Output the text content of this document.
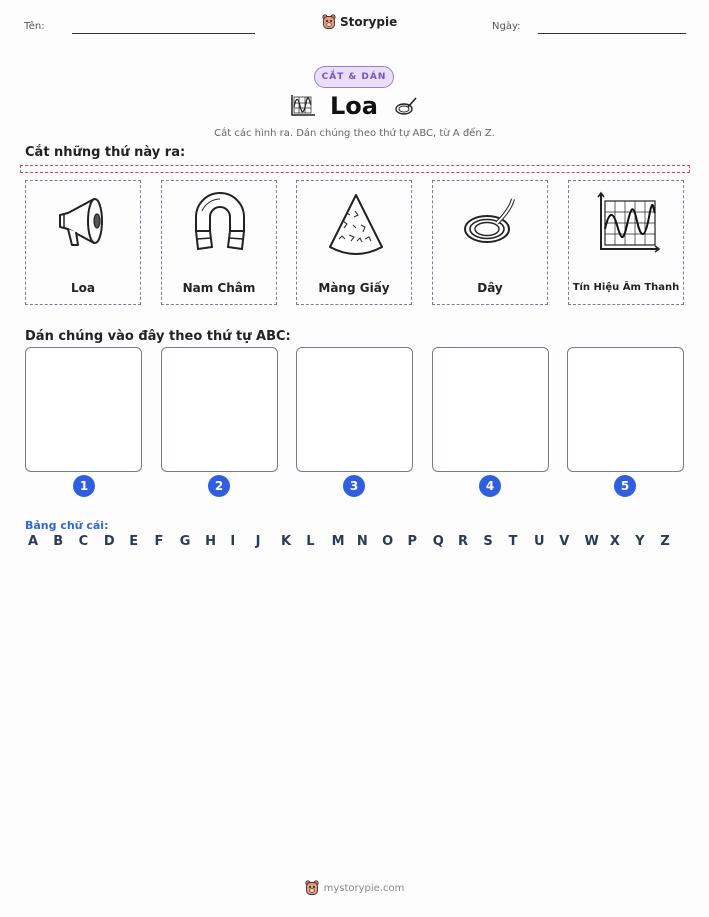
Tên:	Storypie	Ngày:
CẮT & DÁN
Loa
Cắt các hình ra. Dán chúng theo thứ tự ABC, từ A đến Z.
Cắt những thứ này ra:
Loa	Nam Châm	Màng Giấy	Dây	Tín Hiệu Âm Thanh
Dán chúng vào đây theo thứ tự ABC:
1	2	3	4	5
Bảng chữ cái:
A	B	C	D	E	F	G	H	I	J	K	L	M N	O	P	Q	R	S	T	U	V	W X	Y	Z
mystorypie.com
